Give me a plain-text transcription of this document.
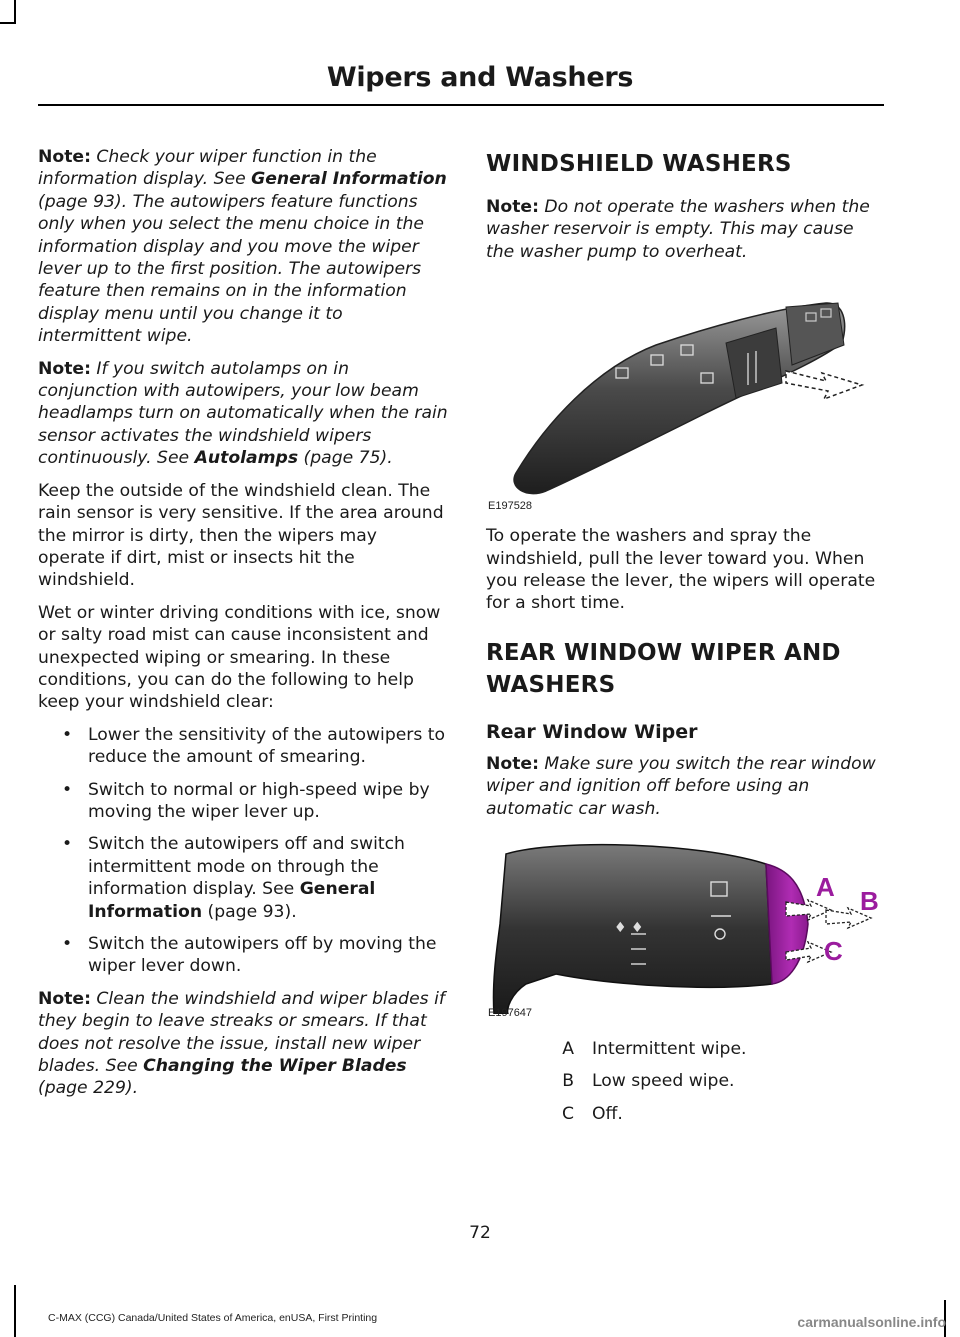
Wipers and Washers

Note: Check your wiper function in the information display. See General Information (page 93). The autowipers feature functions only when you select the menu choice in the information display and you move the wiper lever up to the first position. The autowipers feature then remains on in the information display menu until you change it to intermittent wipe.

Note: If you switch autolamps on in conjunction with autowipers, your low beam headlamps turn on automatically when the rain sensor activates the windshield wipers continuously. See Autolamps (page 75).

Keep the outside of the windshield clean. The rain sensor is very sensitive. If the area around the mirror is dirty, then the wipers may operate if dirt, mist or insects hit the windshield.

Wet or winter driving conditions with ice, snow or salty road mist can cause inconsistent and unexpected wiping or smearing. In these conditions, you can do the following to help keep your windshield clear:

• Lower the sensitivity of the autowipers to reduce the amount of smearing.
• Switch to normal or high-speed wipe by moving the wiper lever up.
• Switch the autowipers off and switch intermittent mode on through the information display. See General Information (page 93).
• Switch the autowipers off by moving the wiper lever down.

Note: Clean the windshield and wiper blades if they begin to leave streaks or smears. If that does not resolve the issue, install new wiper blades. See Changing the Wiper Blades (page 229).

WINDSHIELD WASHERS

Note: Do not operate the washers when the washer reservoir is empty. This may cause the washer pump to overheat.

E197528

To operate the washers and spray the windshield, pull the lever toward you. When you release the lever, the wipers will operate for a short time.

REAR WINDOW WIPER AND
WASHERS
Rear Window Wiper

Note: Make sure you switch the rear window wiper and ignition off before using an automatic car wash.

♦ ♦
A B
C
E197647
A	Intermittent wipe.
B	Low speed wipe.
C	Off.
72
C-MAX (CCG) Canada/United States of America, enUSA, First Printing	carmanualsonline.info
